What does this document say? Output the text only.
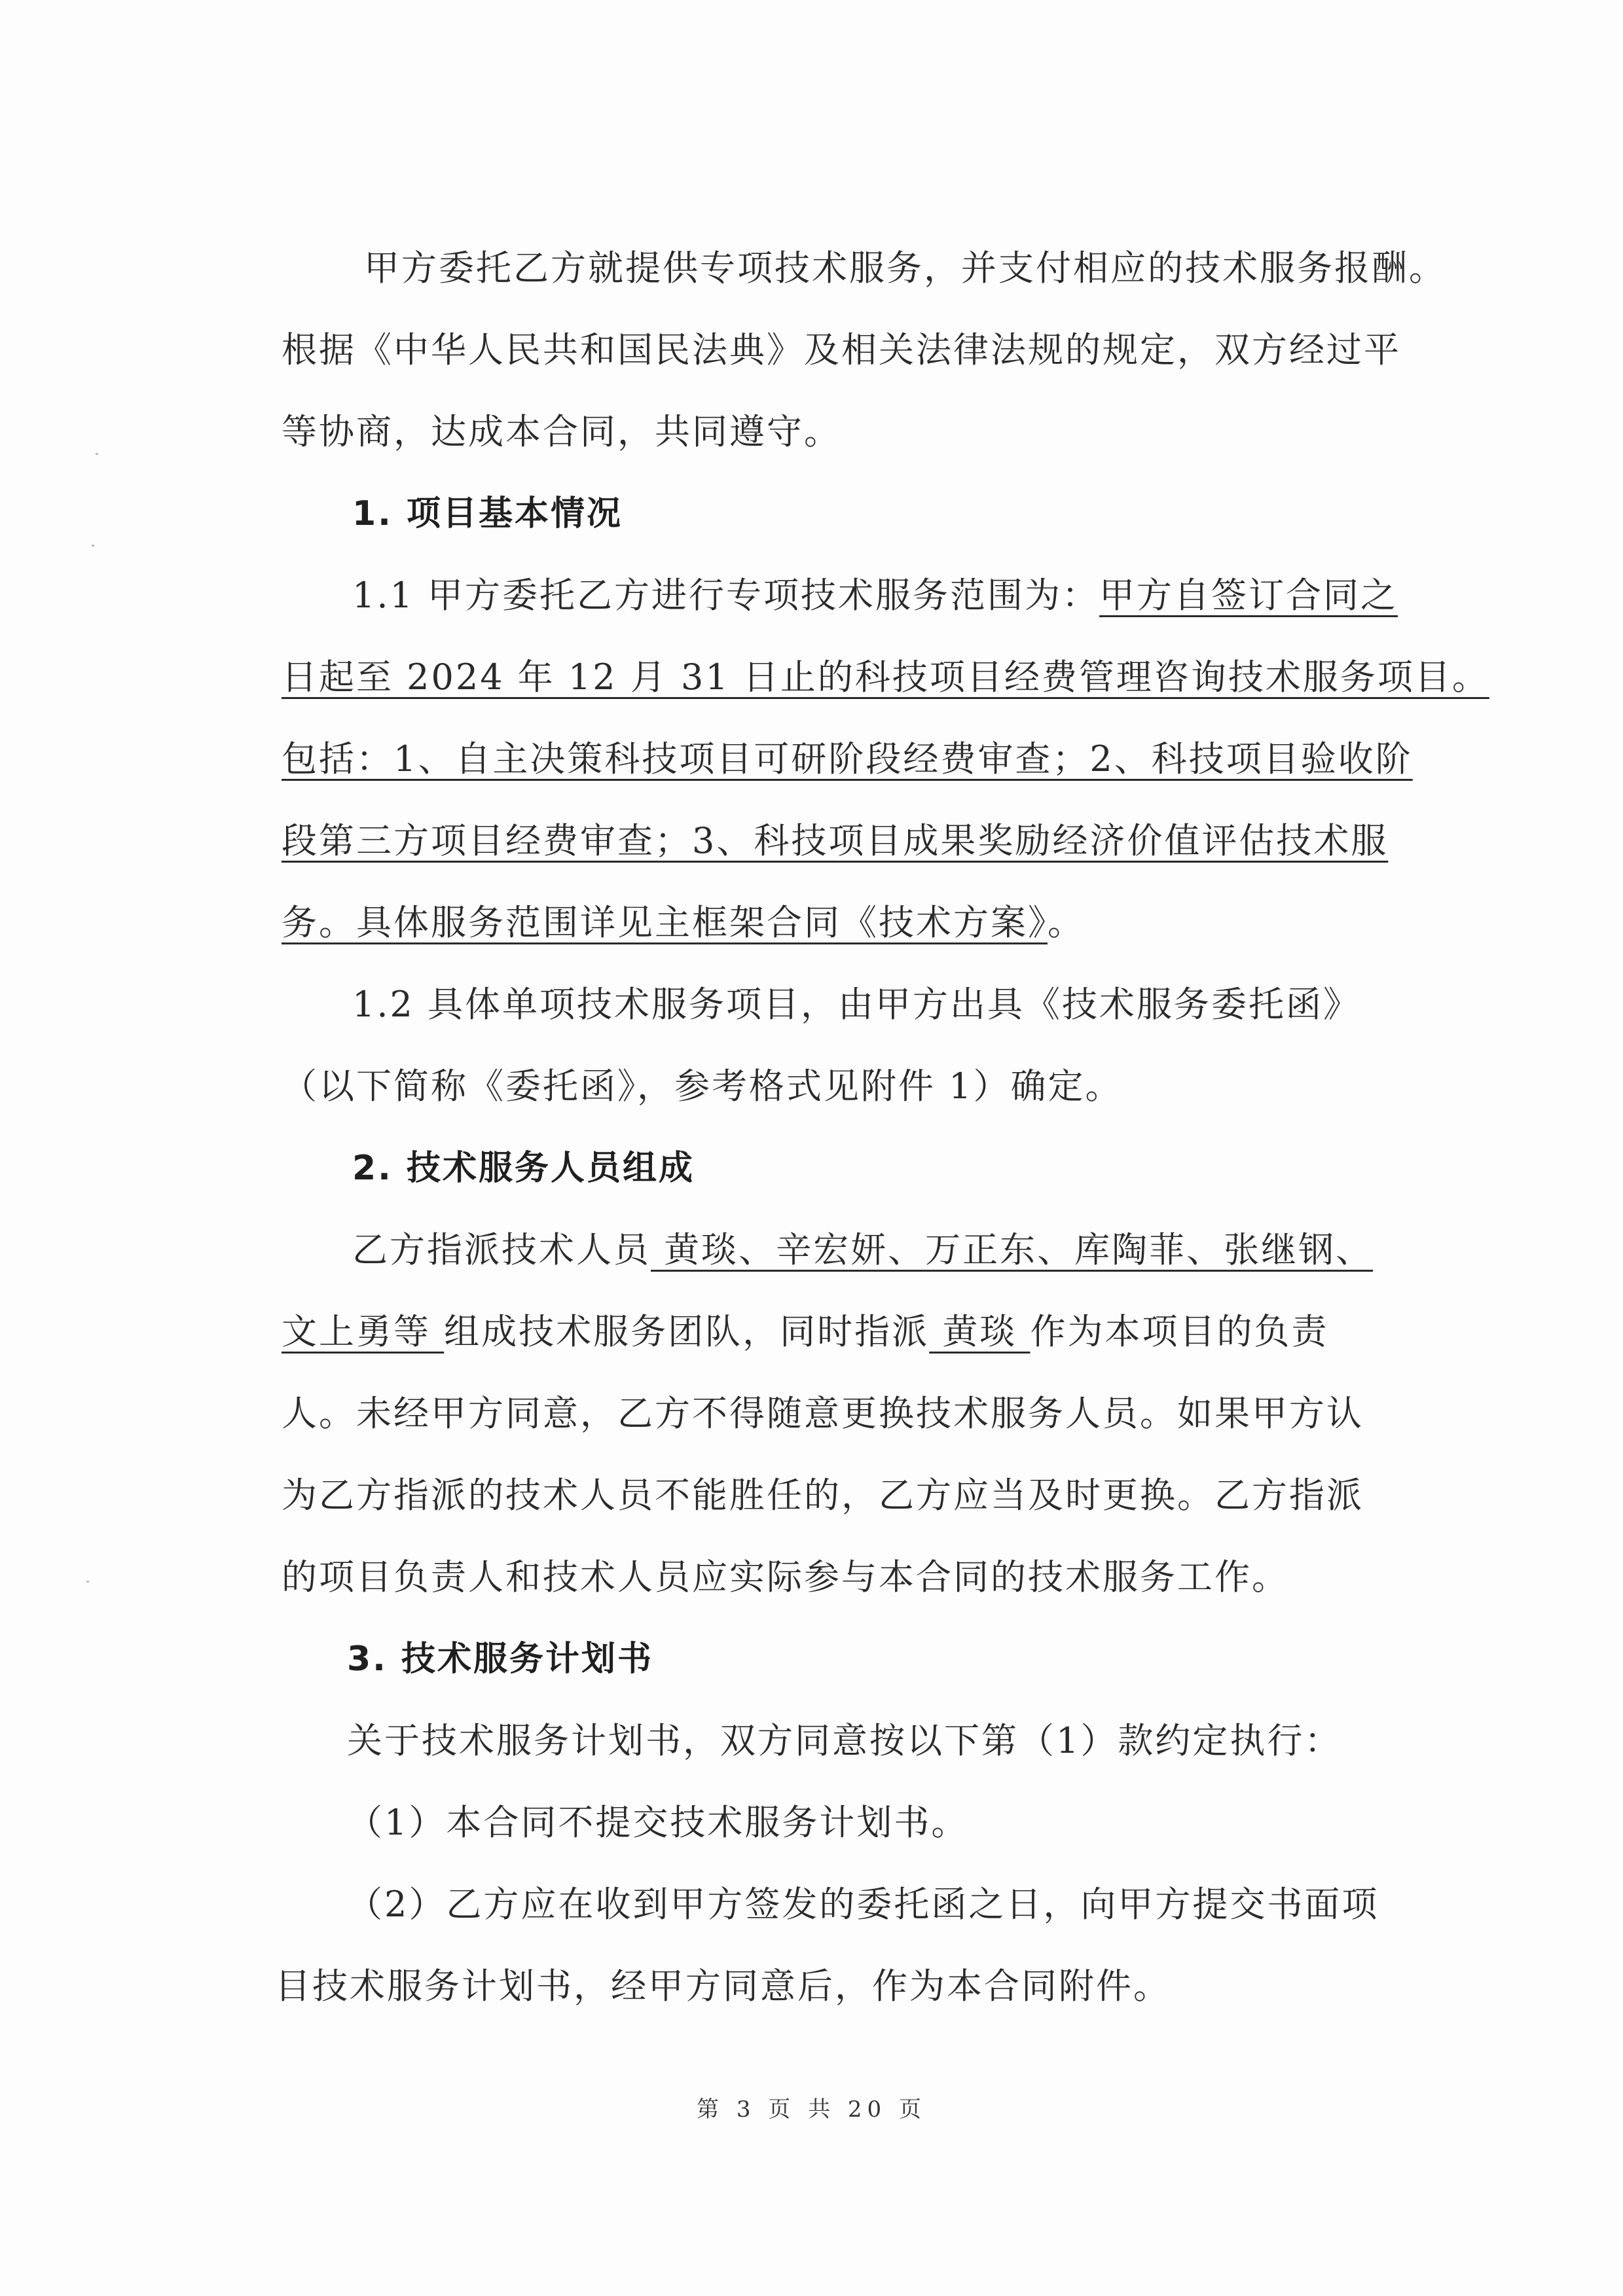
甲方委托乙方就提供专项技术服务，并支付相应的技术服务报酬。
根据《中华人民共和国民法典》及相关法律法规的规定，双方经过平
等协商，达成本合同，共同遵守。
1. 项目基本情况
1.1 甲方委托乙方进行专项技术服务范围为：甲方自签订合同之
日起至 2024 年 12 月 31 日止的科技项目经费管理咨询技术服务项目。
包括：1、自主决策科技项目可研阶段经费审查；2、科技项目验收阶
段第三方项目经费审查；3、科技项目成果奖励经济价值评估技术服
务。具体服务范围详见主框架合同《技术方案》。
1.2 具体单项技术服务项目，由甲方出具《技术服务委托函》
（以下简称《委托函》，参考格式见附件 1）确定。
2. 技术服务人员组成
乙方指派技术人员 黄琰、辛宏妍、万正东、库陶菲、张继钢、
文上勇等 组成技术服务团队，同时指派 黄琰 作为本项目的负责
人。未经甲方同意，乙方不得随意更换技术服务人员。如果甲方认
为乙方指派的技术人员不能胜任的，乙方应当及时更换。乙方指派
的项目负责人和技术人员应实际参与本合同的技术服务工作。
3. 技术服务计划书
关于技术服务计划书，双方同意按以下第（1）款约定执行：
（1）本合同不提交技术服务计划书。
（2）乙方应在收到甲方签发的委托函之日，向甲方提交书面项
目技术服务计划书，经甲方同意后，作为本合同附件。
第 3 页 共 20 页
